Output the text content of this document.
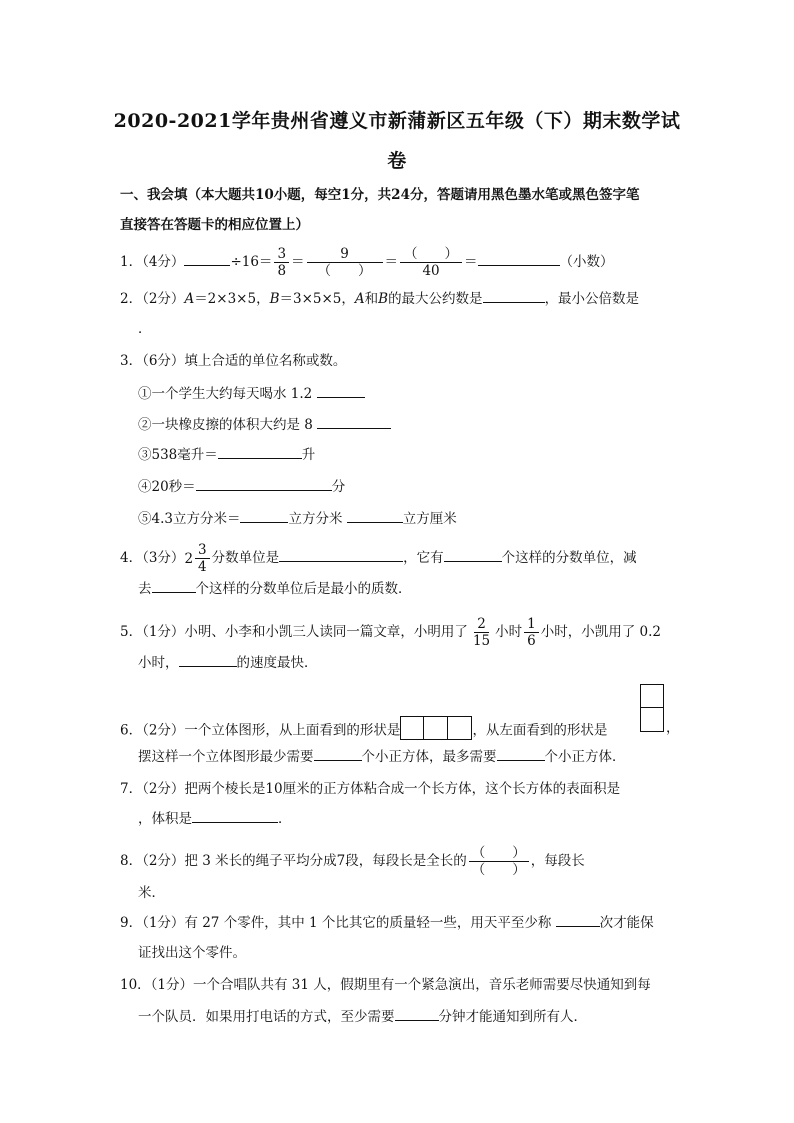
2020-2021学年贵州省遵义市新蒲新区五年级（下）期末数学试
卷
一、我会填（本大题共10小题，每空1分，共24分，答题请用黑色墨水笔或黑色签字笔
直接答在答题卡的相应位置上）
1．（4分）	$\div 16= \frac{3}{8} = \frac{9}{( )} = \frac{( )}{40}$ ＝	（小数）
2．（2分）A＝2×3×5，B＝3×5×5，A和B的最大公约数是	，最小公倍数是
．
3．（6分）填上合适的单位名称或数。
①一个学生大约每天喝水 1.2
②一块橡皮擦的体积大约是 8
③538毫升＝	升
④20秒＝	分
⑤4.3立方分米＝	立方分米	立方厘米
4．（3分） $2 \frac{3}{4}$ 分数单位是	，它有	个这样的分数单位，减
去	个这样的分数单位后是最小的质数．
5．（1分）小明、小李和小凯三人读同一篇文章，小明用了 $\frac{2}{15}$ 小时 $\frac{1}{6}$ 小时，小凯用了 0.2
小时，	的速度最快．
6．（2分）一个立体图形，从上面看到的形状是	，从左面看到的形状是	，
摆这样一个立体图形最少需要	个小正方体，最多需要	个小正方体．
7．（2分）把两个棱长是10厘米的正方体粘合成一个长方体，这个长方体的表面积是
，体积是	．
8．（2分）把 3 米长的绳子平均分成7段，每段长是全长的 $\frac{( )}{( )}$ ，每段长
米．
9．（1分）有 27 个零件，其中 1 个比其它的质量轻一些，用天平至少称	次才能保
证找出这个零件。
10．（1分）一个合唱队共有 31 人，假期里有一个紧急演出，音乐老师需要尽快通知到每
一个队员．如果用打电话的方式，至少需要	分钟才能通知到所有人．
